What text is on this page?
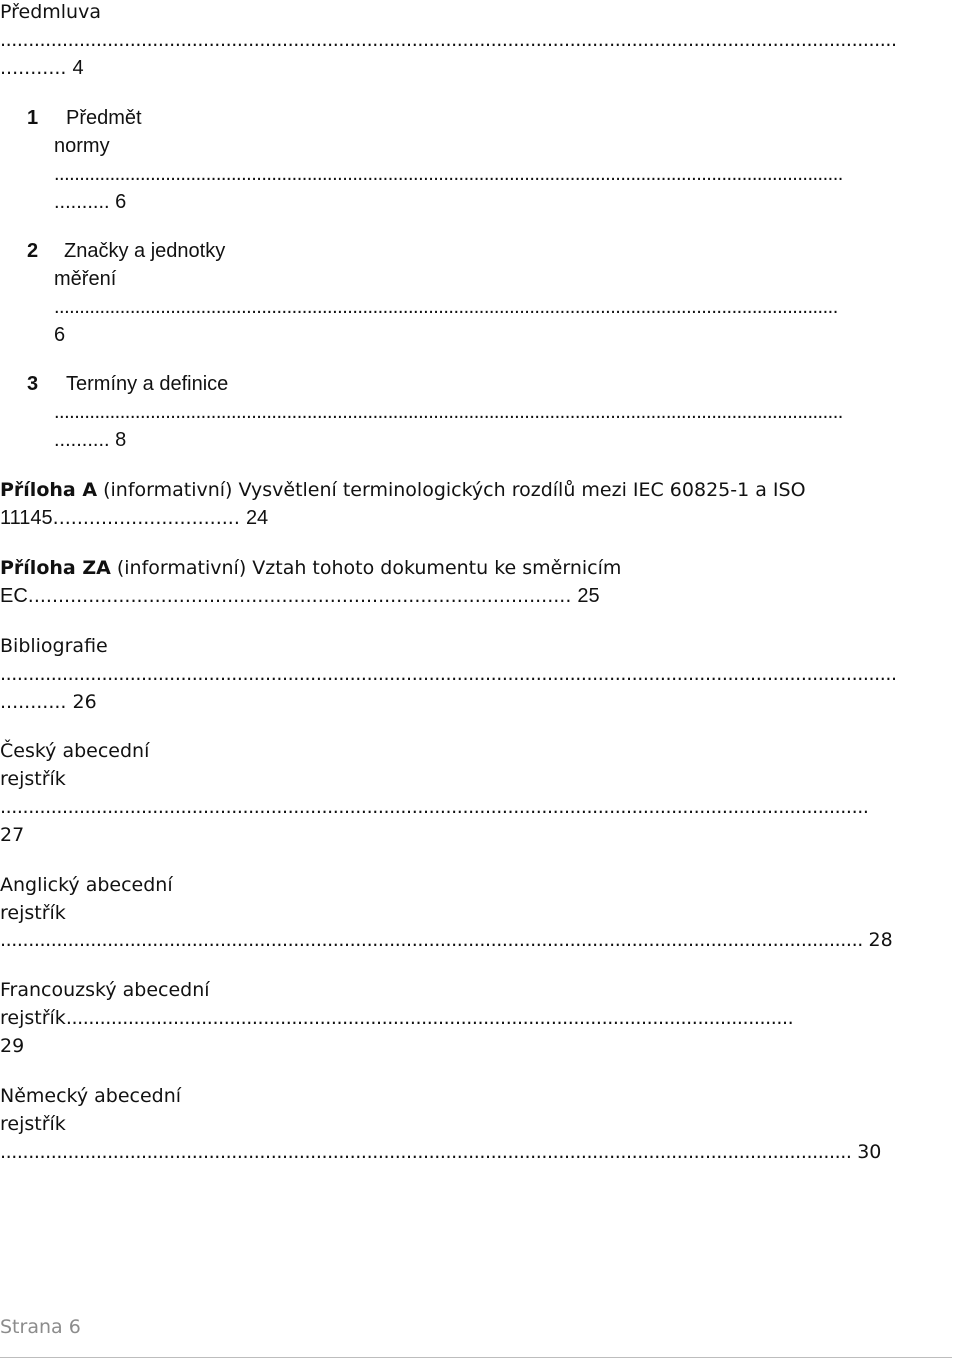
Předmluva
...............................................................................................................................................................
........... 4
1 Předmět
normy
............................................................................................................................................................
.......... 6
2 Značky a jednotky
měření
...........................................................................................................................................................
6
3 Termíny a definice
............................................................................................................................................................
.......... 8
Příloha A (informativní) Vysvětlení terminologických rozdílů mezi IEC 60825-1 a ISO
11145............................... 24
Příloha ZA (informativní) Vztah tohoto dokumentu ke směrnicím
EC.......................................................................................... 25
Bibliografie
...............................................................................................................................................................
........... 26
Český abecední
rejstřík
..........................................................................................................................................................
27
Anglický abecední
rejstřík
......................................................................................................................................................... 28
Francouzský abecední
rejstřík.................................................................................................................................
29
Německý abecední
rejstřík
....................................................................................................................................................... 30
Strana 6
